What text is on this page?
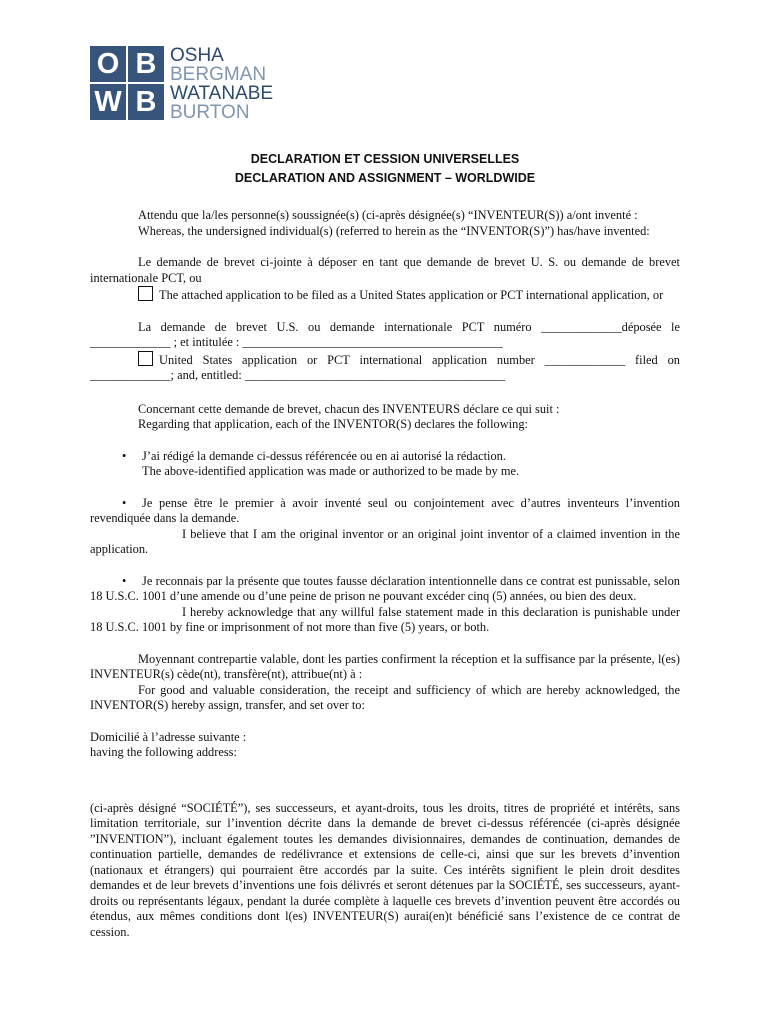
O B
W B
OSHA
BERGMAN
WATANABE
BURTON
DECLARATION ET CESSION UNIVERSELLES
DECLARATION AND ASSIGNMENT – WORLDWIDE

Attendu que la/les personne(s) soussignée(s) (ci-après désignée(s) “INVENTEUR(S)) a/ont inventé :

Whereas, the undersigned individual(s) (referred to herein as the “INVENTOR(S)”) has/have invented:

Le demande de brevet ci-jointe à déposer en tant que demande de brevet U. S. ou demande de brevet internationale PCT, ou

The attached application to be filed as a United States application or PCT international application, or

La demande de brevet U.S. ou demande internationale PCT numéro _____________déposée le _____________ ; et intitulée : __________________________________________

United States application or PCT international application number _____________ filed on _____________; and, entitled: __________________________________________

Concernant cette demande de brevet, chacun des INVENTEURS déclare ce qui suit :

Regarding that application, each of the INVENTOR(S) declares the following:

• J’ai rédigé la demande ci-dessus référencée ou en ai autorisé la rédaction.

The above-identified application was made or authorized to be made by me.

• Je pense être le premier à avoir inventé seul ou conjointement avec d’autres inventeurs l’invention revendiquée dans la demande.

I believe that I am the original inventor or an original joint inventor of a claimed invention in the application.

• Je reconnais par la présente que toutes fausse déclaration intentionnelle dans ce contrat est punissable, selon 18 U.S.C. 1001 d’une amende ou d’une peine de prison ne pouvant excéder cinq (5) années, ou bien des deux.

I hereby acknowledge that any willful false statement made in this declaration is punishable under 18 U.S.C. 1001 by fine or imprisonment of not more than five (5) years, or both.

Moyennant contrepartie valable, dont les parties confirment la réception et la suffisance par la présente, l(es) INVENTEUR(s) cède(nt), transfère(nt), attribue(nt) à :

For good and valuable consideration, the receipt and sufficiency of which are hereby acknowledged, the INVENTOR(S) hereby assign, transfer, and set over to:

Domicilié à l’adresse suivante :

having the following address:

(ci-après désigné “SOCIÉTÉ”), ses successeurs, et ayant-droits, tous les droits, titres de propriété et intérêts, sans limitation territoriale, sur l’invention décrite dans la demande de brevet ci-dessus référencée (ci-après désignée ”INVENTION”), incluant également toutes les demandes divisionnaires, demandes de continuation, demandes de continuation partielle, demandes de redélivrance et extensions de celle-ci, ainsi que sur les brevets d’invention (nationaux et étrangers) qui pourraient être accordés par la suite. Ces intérêts signifient le plein droit desdites demandes et de leur brevets d’inventions une fois délivrés et seront détenues par la SOCIÉTÉ, ses successeurs, ayant-droits ou représentants légaux, pendant la durée complète à laquelle ces brevets d’invention peuvent être accordés ou étendus, aux mêmes conditions dont l(es) INVENTEUR(S) aurai(en)t bénéficié sans l’existence de ce contrat de cession.
